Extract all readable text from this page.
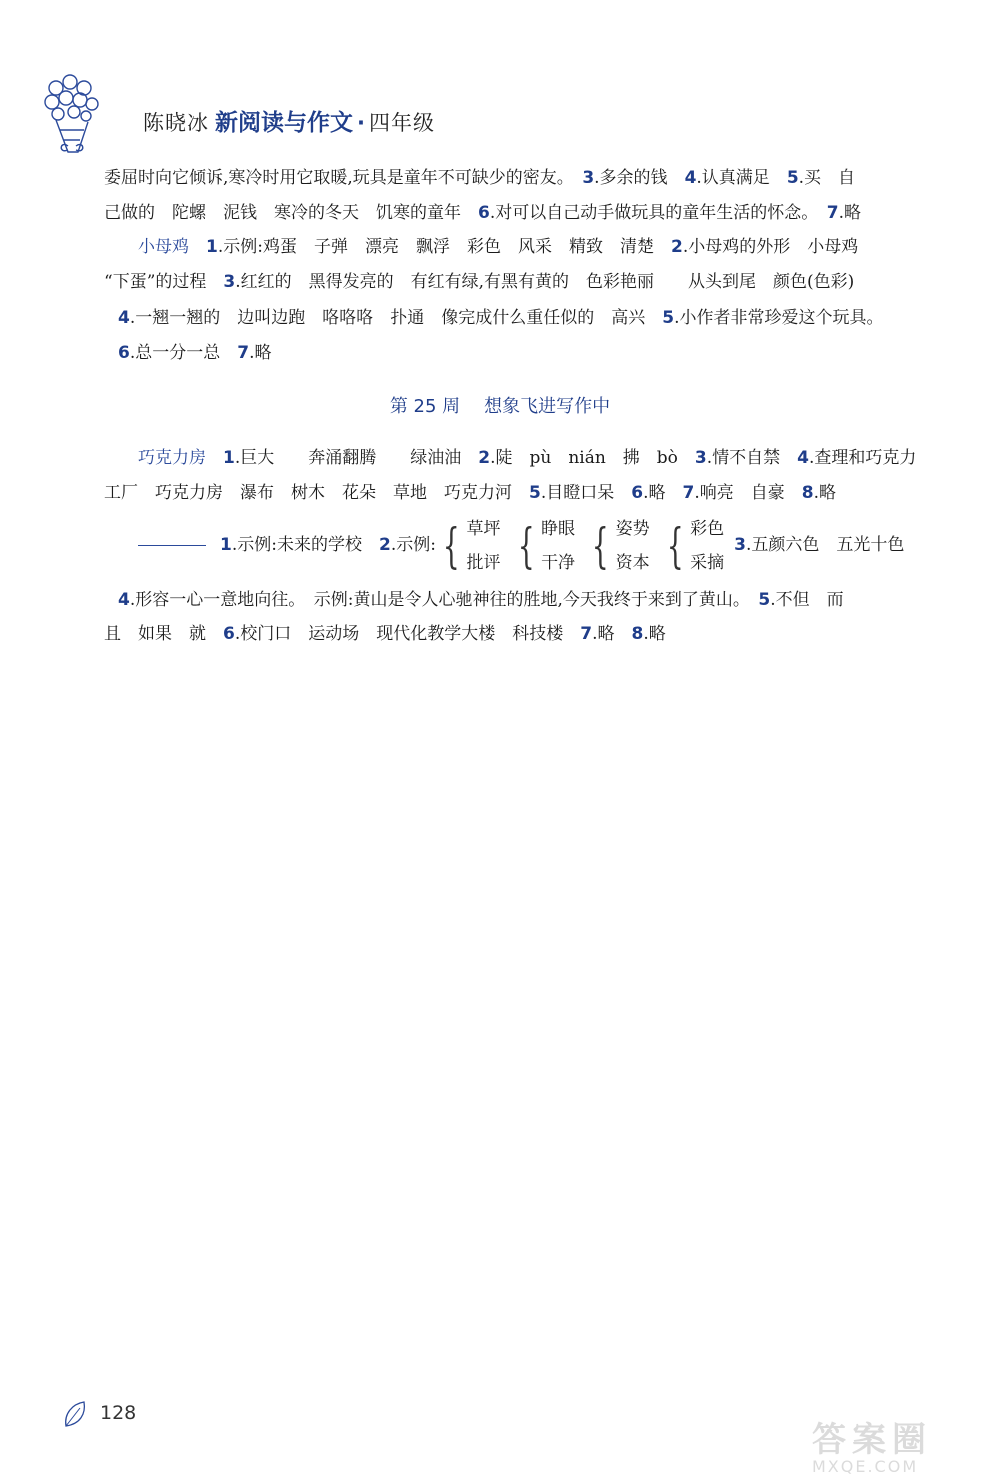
陈晓冰 新阅读与作文 · 四年级
委屈时向它倾诉,寒冷时用它取暖,玩具是童年不可缺少的密友。　 3.多余的钱　 4.认真满足　 5.买　自
己做的　陀螺　泥钱　寒冷的冬天　饥寒的童年　 6.对可以自己动手做玩具的童年生活的怀念。　 7.略
小母鸡　 1.示例:鸡蛋　子弹　漂亮　飘浮　彩色　风采　精致　清楚　 2.小母鸡的外形　小母鸡
“下蛋”的过程　 3.红红的　黑得发亮的　有红有绿,有黑有黄的　色彩艳丽　　从头到尾　颜色(色彩)
4.一翘一翘的　边叫边跑　咯咯咯　扑通　像完成什么重任似的　高兴　 5.小作者非常珍爱这个玩具。
6.总一分一总　 7.略
第 25 周 想象飞进写作中
巧克力房　 1.巨大　　奔涌翻腾　　绿油油　 2.陡　pù　nián　拂　bò　 3.情不自禁　 4.查理和巧克力
工厂　巧克力房　瀑布　树木　花朵　草地　巧克力河　 5.目瞪口呆　 6.略　 7.响亮　自豪　 8.略
1.示例:未来的学校　 2.示例: { 草坪
批评 { 睁眼
干净 { 姿势
资本 { 彩色
采摘
3.五颜六色　五光十色
4.形容一心一意地向往。　示例:黄山是令人心驰神往的胜地,今天我终于来到了黄山。　 5.不但　而
且　如果　就　 6.校门口　运动场　现代化教学大楼　科技楼　 7.略　 8.略
128
答案圈
MXQE.COM
